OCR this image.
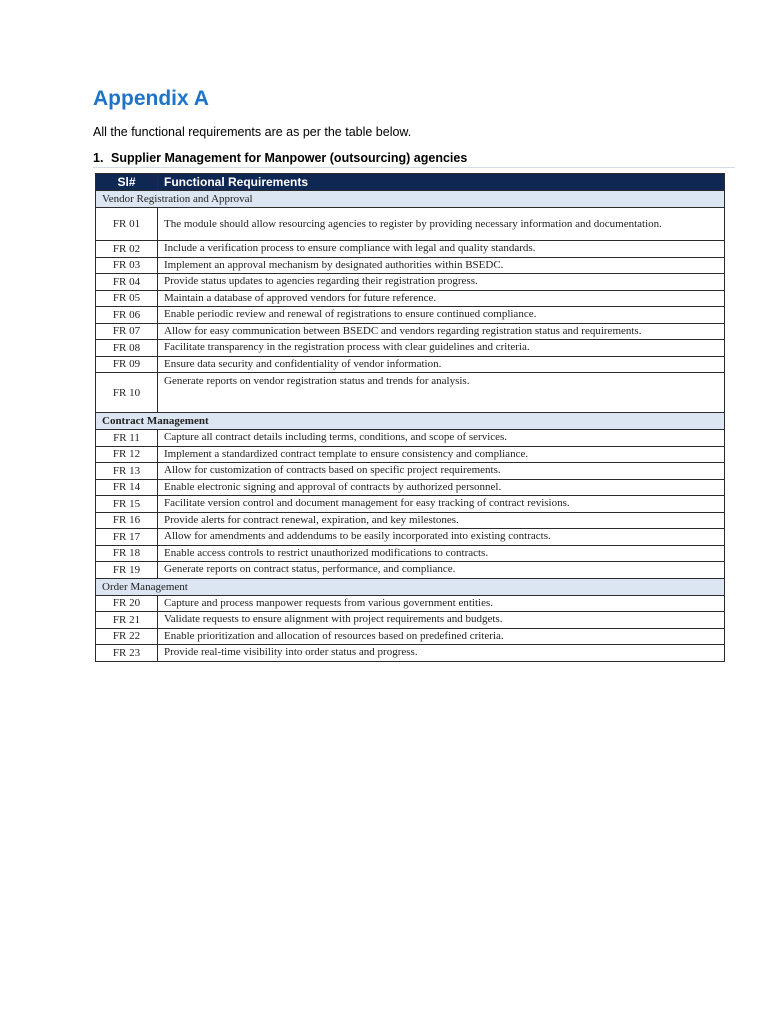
Appendix A

All the functional requirements are as per the table below.

1. Supplier Management for Manpower (outsourcing) agencies

Sl#	Functional Requirements
Vendor Registration and Approval	
FR 01	The module should allow resourcing agencies to register by providing necessary information and documentation.
FR 02	Include a verification process to ensure compliance with legal and quality standards.
FR 03	Implement an approval mechanism by designated authorities within BSEDC.
FR 04	Provide status updates to agencies regarding their registration progress.
FR 05	Maintain a database of approved vendors for future reference.
FR 06	Enable periodic review and renewal of registrations to ensure continued compliance.
FR 07	Allow for easy communication between BSEDC and vendors regarding registration status and requirements.
FR 08	Facilitate transparency in the registration process with clear guidelines and criteria.
FR 09	Ensure data security and confidentiality of vendor information.
FR 10	Generate reports on vendor registration status and trends for analysis.
Contract Management	
FR 11	Capture all contract details including terms, conditions, and scope of services.
FR 12	Implement a standardized contract template to ensure consistency and compliance.
FR 13	Allow for customization of contracts based on specific project requirements.
FR 14	Enable electronic signing and approval of contracts by authorized personnel.
FR 15	Facilitate version control and document management for easy tracking of contract revisions.
FR 16	Provide alerts for contract renewal, expiration, and key milestones.
FR 17	Allow for amendments and addendums to be easily incorporated into existing contracts.
FR 18	Enable access controls to restrict unauthorized modifications to contracts.
FR 19	Generate reports on contract status, performance, and compliance.
Order Management	
FR 20	Capture and process manpower requests from various government entities.
FR 21	Validate requests to ensure alignment with project requirements and budgets.
FR 22	Enable prioritization and allocation of resources based on predefined criteria.
FR 23	Provide real-time visibility into order status and progress.
